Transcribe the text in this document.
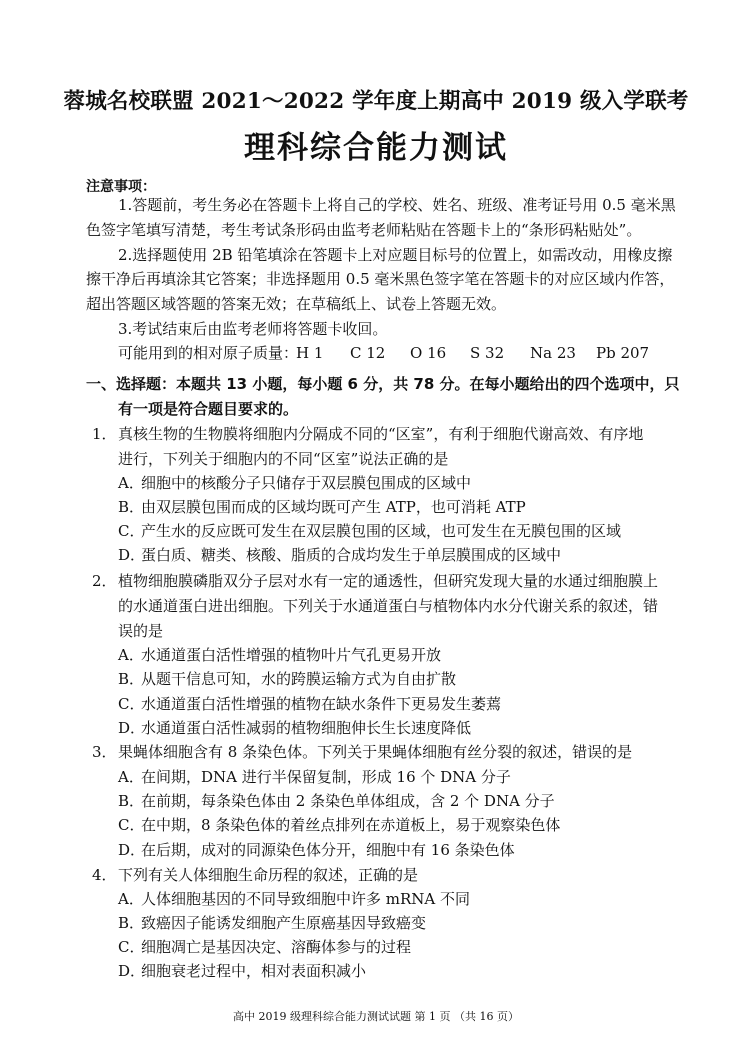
蓉城名校联盟 2021～2022 学年度上期高中 2019 级入学联考
理科综合能力测试
注意事项：
1.答题前，考生务必在答题卡上将自己的学校、姓名、班级、准考证号用 0.5 毫米黑
色签字笔填写清楚，考生考试条形码由监考老师粘贴在答题卡上的“条形码粘贴处”。
2.选择题使用 2B 铅笔填涂在答题卡上对应题目标号的位置上，如需改动，用橡皮擦
擦干净后再填涂其它答案；非选择题用 0.5 毫米黑色签字笔在答题卡的对应区域内作答，
超出答题区域答题的答案无效；在草稿纸上、试卷上答题无效。
3.考试结束后由监考老师将答题卡收回。
可能用到的相对原子质量：
H 1 C 12 O 16 S 32 Na 23 Pb 207
一、选择题：本题共 13 小题，每小题 6 分，共 78 分。在每小题给出的四个选项中，只
有一项是符合题目要求的。
1． 真核生物的生物膜将细胞内分隔成不同的“区室”，有利于细胞代谢高效、有序地
进行，下列关于细胞内的不同“区室”说法正确的是
A．
细胞中的核酸分子只储存于双层膜包围成的区域中
B．
由双层膜包围而成的区域均既可产生 ATP，也可消耗 ATP
C．
产生水的反应既可发生在双层膜包围的区域，也可发生在无膜包围的区域
D．
蛋白质、糖类、核酸、脂质的合成均发生于单层膜围成的区域中
2． 植物细胞膜磷脂双分子层对水有一定的通透性，但研究发现大量的水通过细胞膜上
的水通道蛋白进出细胞。下列关于水通道蛋白与植物体内水分代谢关系的叙述，错
误的是
A．
水通道蛋白活性增强的植物叶片气孔更易开放
B．
从题干信息可知，水的跨膜运输方式为自由扩散
C．
水通道蛋白活性增强的植物在缺水条件下更易发生萎蔫
D．
水通道蛋白活性减弱的植物细胞伸长生长速度降低
3． 果蝇体细胞含有 8 条染色体。下列关于果蝇体细胞有丝分裂的叙述，错误的是
A．
在间期，DNA 进行半保留复制，形成 16 个 DNA 分子
B．
在前期，每条染色体由 2 条染色单体组成，含 2 个 DNA 分子
C．
在中期，8 条染色体的着丝点排列在赤道板上，易于观察染色体
D．
在后期，成对的同源染色体分开，细胞中有 16 条染色体
4． 下列有关人体细胞生命历程的叙述，正确的是
A．
人体细胞基因的不同导致细胞中许多 mRNA 不同
B．
致癌因子能诱发细胞产生原癌基因导致癌变
C．
细胞凋亡是基因决定、溶酶体参与的过程
D．
细胞衰老过程中，相对表面积减小
高中 2019 级理科综合能力测试试题 第 1 页 （共 16 页）
